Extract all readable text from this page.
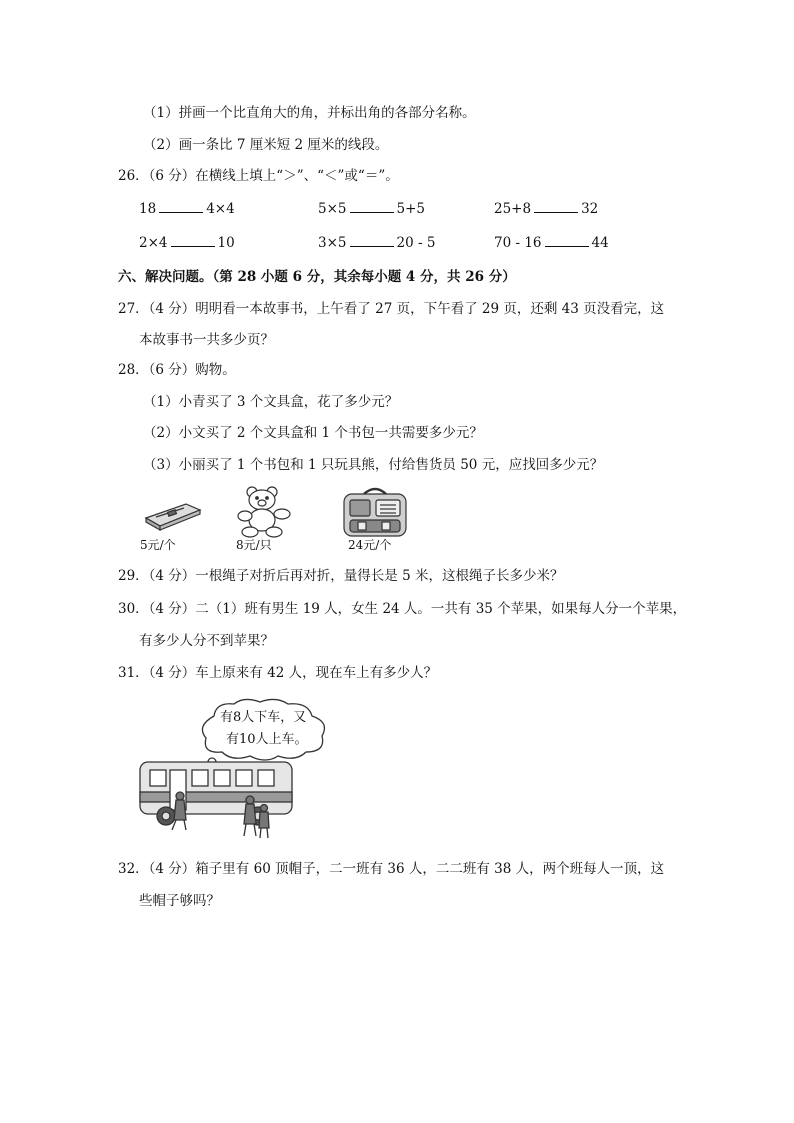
（1）拼画一个比直角大的角，并标出角的各部分名称。
（2）画一条比 7 厘米短 2 厘米的线段。
26．（6 分）在横线上填上“＞”、“＜”或“＝”。
18	4×4	5×5	5+5	25+8	32
2×4	10	3×5	20 - 5	70 - 16	44
六、解决问题。（第 28 小题 6 分，其余每小题 4 分，共 26 分）
27．（4 分）明明看一本故事书，上午看了 27 页，下午看了 29 页，还剩 43 页没看完，这
本故事书一共多少页？
28．（6 分）购物。
（1）小青买了 3 个文具盒，花了多少元？
（2）小文买了 2 个文具盒和 1 个书包一共需要多少元？
（3）小丽买了 1 个书包和 1 只玩具熊，付给售货员 50 元，应找回多少元？
5元/个	8元/只	24元/个
29．（4 分）一根绳子对折后再对折，量得长是 5 米，这根绳子长多少米？
30．（4 分）二（1）班有男生 19 人，女生 24 人。一共有 35 个苹果，如果每人分一个苹果，
有多少人分不到苹果？
31．（4 分）车上原来有 42 人，现在车上有多少人？
有8人下车，又
有10人上车。
32．（4 分）箱子里有 60 顶帽子，二一班有 36 人，二二班有 38 人，两个班每人一顶，这
些帽子够吗？
